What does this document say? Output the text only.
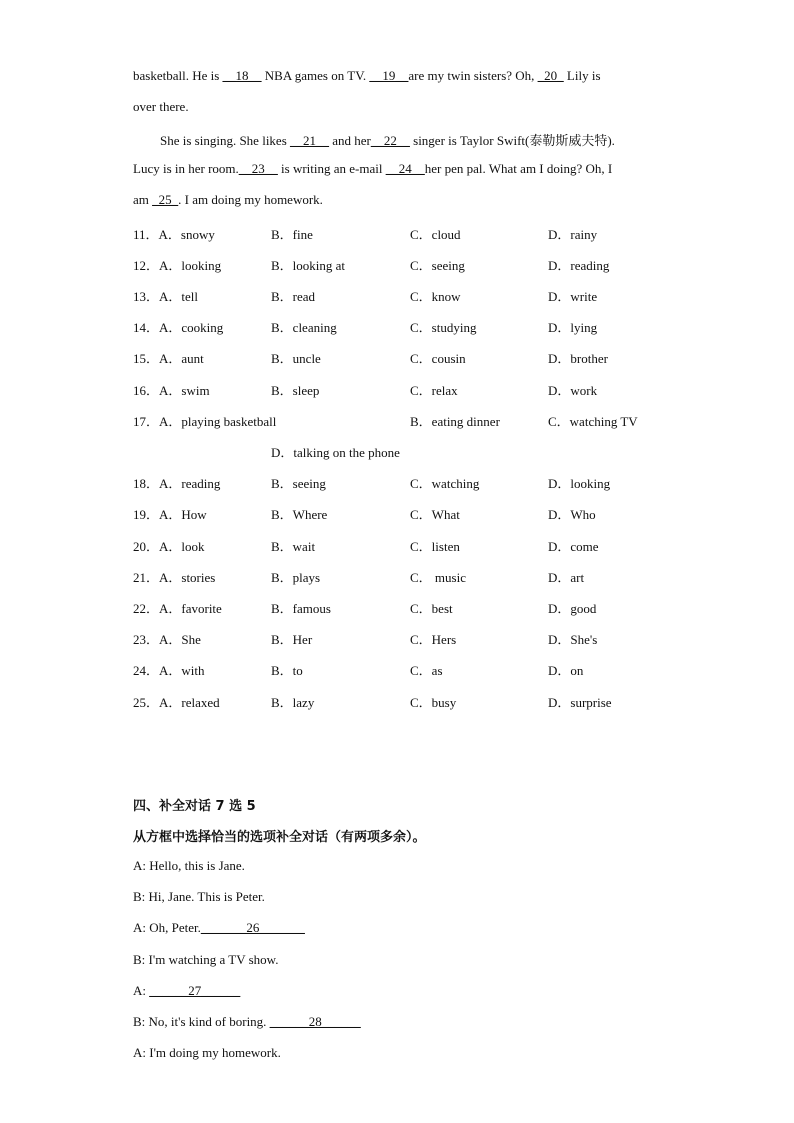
basketball. He is __18__ NBA games on TV. __19__are my twin sisters? Oh, _20_ Lily is
over there.
She is singing. She likes __21__ and her__22__ singer is Taylor Swift(泰勒斯威夫特).
Lucy is in her room.__23__ is writing an e-mail __24__her pen pal. What am I doing? Oh, I
am _25_. I am doing my homework.
11．A．snowy	B．fine	C．cloud	D．rainy
12．A．looking	B．looking at	C．seeing	D．reading
13．A．tell	B．read	C．know	D．write
14．A．cooking	B．cleaning	C．studying	D．lying
15．A．aunt	B．uncle	C．cousin	D．brother
16．A．swim	B．sleep	C．relax	D．work
17．A．playing basketball	B．eating dinner	C．watching TV
D．talking on the phone
18．A．reading	B．seeing	C．watching	D．looking
19．A．How	B．Where	C．What	D．Who
20．A．look	B．wait	C．listen	D．come
21．A．stories	B．plays	C． music	D．art
22．A．favorite	B．famous	C．best	D．good
23．A．She	B．Her	C．Hers	D．She's
24．A．with	B．to	C．as	D．on
25．A．relaxed	B．lazy	C．busy	D．surprise
四、补全对话 7 选 5
从方框中选择恰当的选项补全对话（有两项多余）。
A: Hello, this is Jane.
B: Hi, Jane. This is Peter.
A: Oh, Peter._______26_______
B: I'm watching a TV show.
A: ______27______
B: No, it's kind of boring. ______28______
A: I'm doing my homework.
